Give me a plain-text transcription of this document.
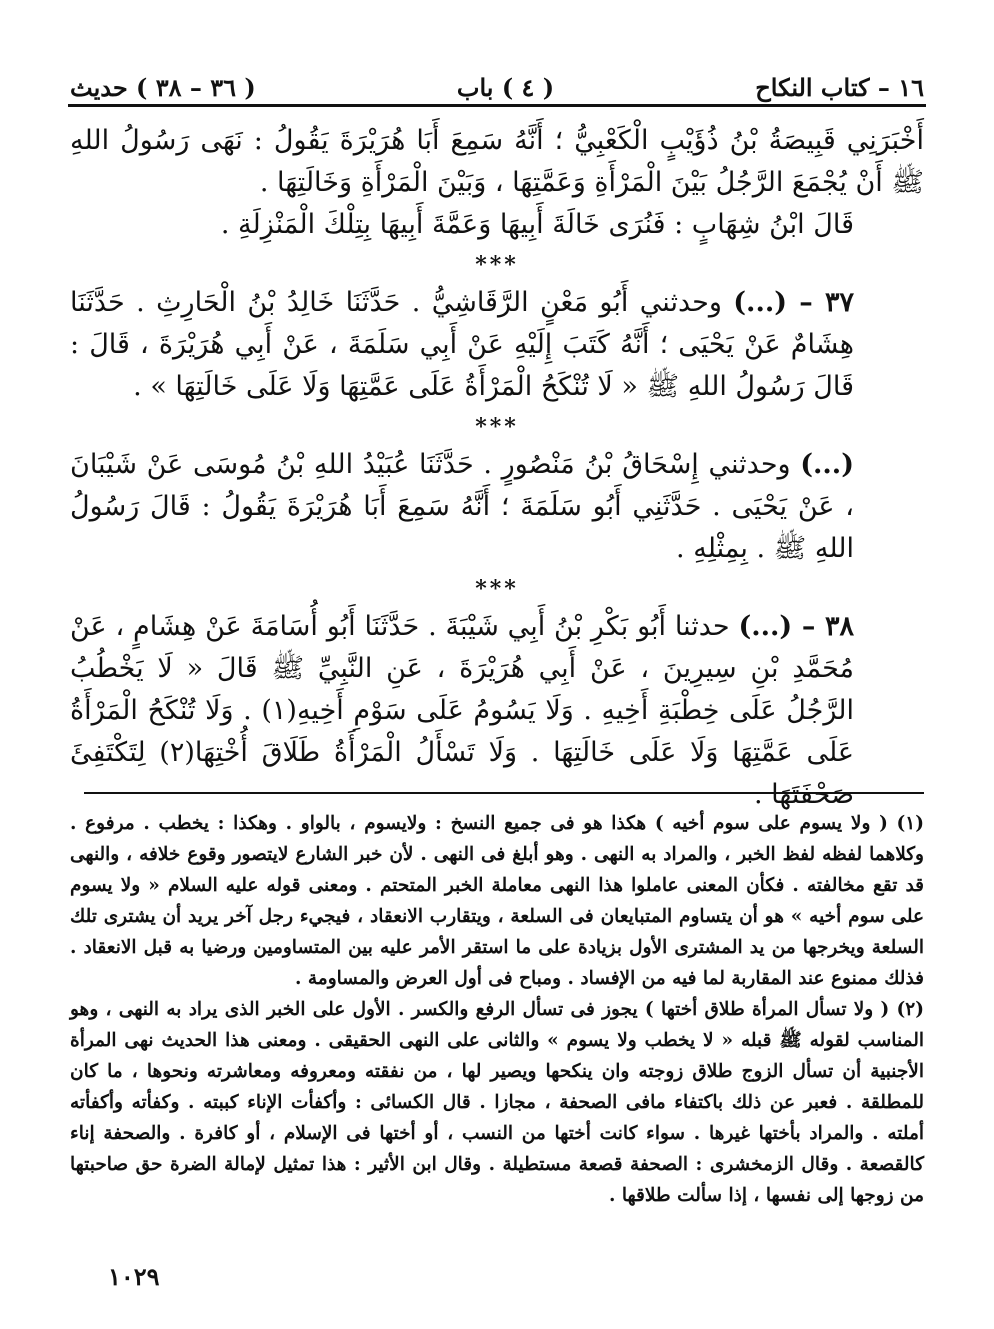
١٦ – كتاب النكاح
( ٤ ) باب
( ٣٦ – ٣٨ ) حديث

أَخْبَرَنِي قَبِيصَةُ بْنُ ذُؤَيْبٍ الْكَعْبِيُّ ؛ أَنَّهُ سَمِعَ أَبَا هُرَيْرَةَ يَقُولُ : نَهَى رَسُولُ اللهِ ﷺ أَنْ يُجْمَعَ الرَّجُلُ بَيْنَ الْمَرْأَةِ وَعَمَّتِهَا ، وَبَيْنَ الْمَرْأَةِ وَخَالَتِهَا .

قَالَ ابْنُ شِهَابٍ : فَنُرَى خَالَةَ أَبِيهَا وَعَمَّةَ أَبِيهَا بِتِلْكَ الْمَنْزِلَةِ .

***

٣٧ – (...) وحدثني أَبُو مَعْنٍ الرَّقَاشِيُّ . حَدَّثَنَا خَالِدُ بْنُ الْحَارِثِ . حَدَّثَنَا هِشَامٌ عَنْ يَحْيَى ؛ أَنَّهُ كَتَبَ إِلَيْهِ عَنْ أَبِي سَلَمَةَ ، عَنْ أَبِي هُرَيْرَةَ ، قَالَ : قَالَ رَسُولُ اللهِ ﷺ « لَا تُنْكَحُ الْمَرْأَةُ عَلَى عَمَّتِهَا وَلَا عَلَى خَالَتِهَا » .

***

(...) وحدثني إِسْحَاقُ بْنُ مَنْصُورٍ . حَدَّثَنَا عُبَيْدُ اللهِ بْنُ مُوسَى عَنْ شَيْبَانَ ، عَنْ يَحْيَى . حَدَّثَنِي أَبُو سَلَمَةَ ؛ أَنَّهُ سَمِعَ أَبَا هُرَيْرَةَ يَقُولُ : قَالَ رَسُولُ اللهِ ﷺ . بِمِثْلِهِ .

***

٣٨ – (...) حدثنا أَبُو بَكْرِ بْنُ أَبِي شَيْبَةَ . حَدَّثَنَا أَبُو أُسَامَةَ عَنْ هِشَامٍ ، عَنْ مُحَمَّدِ بْنِ سِيرِينَ ، عَنْ أَبِي هُرَيْرَةَ ، عَنِ النَّبِيِّ ﷺ قَالَ « لَا يَخْطُبُ الرَّجُلُ عَلَى خِطْبَةِ أَخِيهِ . وَلَا يَسُومُ عَلَى سَوْمِ أَخِيهِ(١) . وَلَا تُنْكَحُ الْمَرْأَةُ عَلَى عَمَّتِهَا وَلَا عَلَى خَالَتِهَا . وَلَا تَسْأَلُ الْمَرْأَةُ طَلَاقَ أُخْتِهَا(٢) لِتَكْتَفِئَ صَحْفَتَهَا .

(١) ( ولا يسوم على سوم أخيه ) هكذا هو فى جميع النسخ : ولايسوم ، بالواو . وهكذا : يخطب . مرفوع . وكلاهما لفظه لفظ الخبر ، والمراد به النهى . وهو أبلغ فى النهى . لأن خبر الشارع لايتصور وقوع خلافه ، والنهى قد تقع مخالفته . فكأن المعنى عاملوا هذا النهى معاملة الخبر المتحتم . ومعنى قوله عليه السلام « ولا يسوم على سوم أخيه » هو أن يتساوم المتبايعان فى السلعة ، ويتقارب الانعقاد ، فيجيء رجل آخر يريد أن يشترى تلك السلعة ويخرجها من يد المشترى الأول بزيادة على ما استقر الأمر عليه بين المتساومين ورضيا به قبل الانعقاد . فذلك ممنوع عند المقاربة لما فيه من الإفساد . ومباح فى أول العرض والمساومة .

(٢) ( ولا تسأل المرأة طلاق أختها ) يجوز فى تسأل الرفع والكسر . الأول على الخبر الذى يراد به النهى ، وهو المناسب لقوله ﷺ قبله « لا يخطب ولا يسوم » والثانى على النهى الحقيقى . ومعنى هذا الحديث نهى المرأة الأجنبية أن تسأل الزوج طلاق زوجته وان ينكحها ويصير لها ، من نفقته ومعروفه ومعاشرته ونحوها ، ما كان للمطلقة . فعبر عن ذلك باكتفاء مافى الصحفة ، مجازا . قال الكسائى : وأكفأت الإناء كببته . وكفأته وأكفأته أملته . والمراد بأختها غيرها . سواء كانت أختها من النسب ، أو أختها فى الإسلام ، أو كافرة . والصحفة إناء كالقصعة . وقال الزمخشرى : الصحفة قصعة مستطيلة . وقال ابن الأثير : هذا تمثيل لإمالة الضرة حق صاحبتها من زوجها إلى نفسها ، إذا سألت طلاقها .

١٠٢٩
